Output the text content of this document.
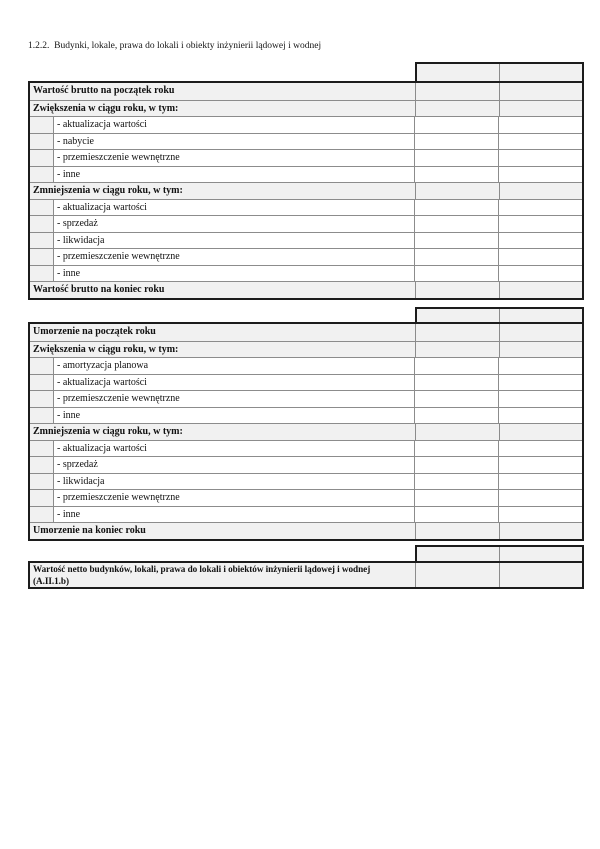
1.2.2.  Budynki, lokale, prawa do lokali i obiekty inżynierii lądowej i wodnej
Wartość brutto na początek roku
Zwiększenia w ciągu roku, w tym:
- aktualizacja wartości
- nabycie
- przemieszczenie wewnętrzne
- inne
Zmniejszenia w ciągu roku, w tym:
- aktualizacja wartości
- sprzedaż
- likwidacja
- przemieszczenie wewnętrzne
- inne
Wartość brutto na koniec roku
Umorzenie na początek roku
Zwiększenia w ciągu roku, w tym:
- amortyzacja planowa
- aktualizacja wartości
- przemieszczenie wewnętrzne
- inne
Zmniejszenia w ciągu roku, w tym:
- aktualizacja wartości
- sprzedaż
- likwidacja
- przemieszczenie wewnętrzne
- inne
Umorzenie na koniec roku
Wartość netto budynków, lokali, prawa do lokali i obiektów inżynierii lądowej i wodnej
(A.II.1.b)
